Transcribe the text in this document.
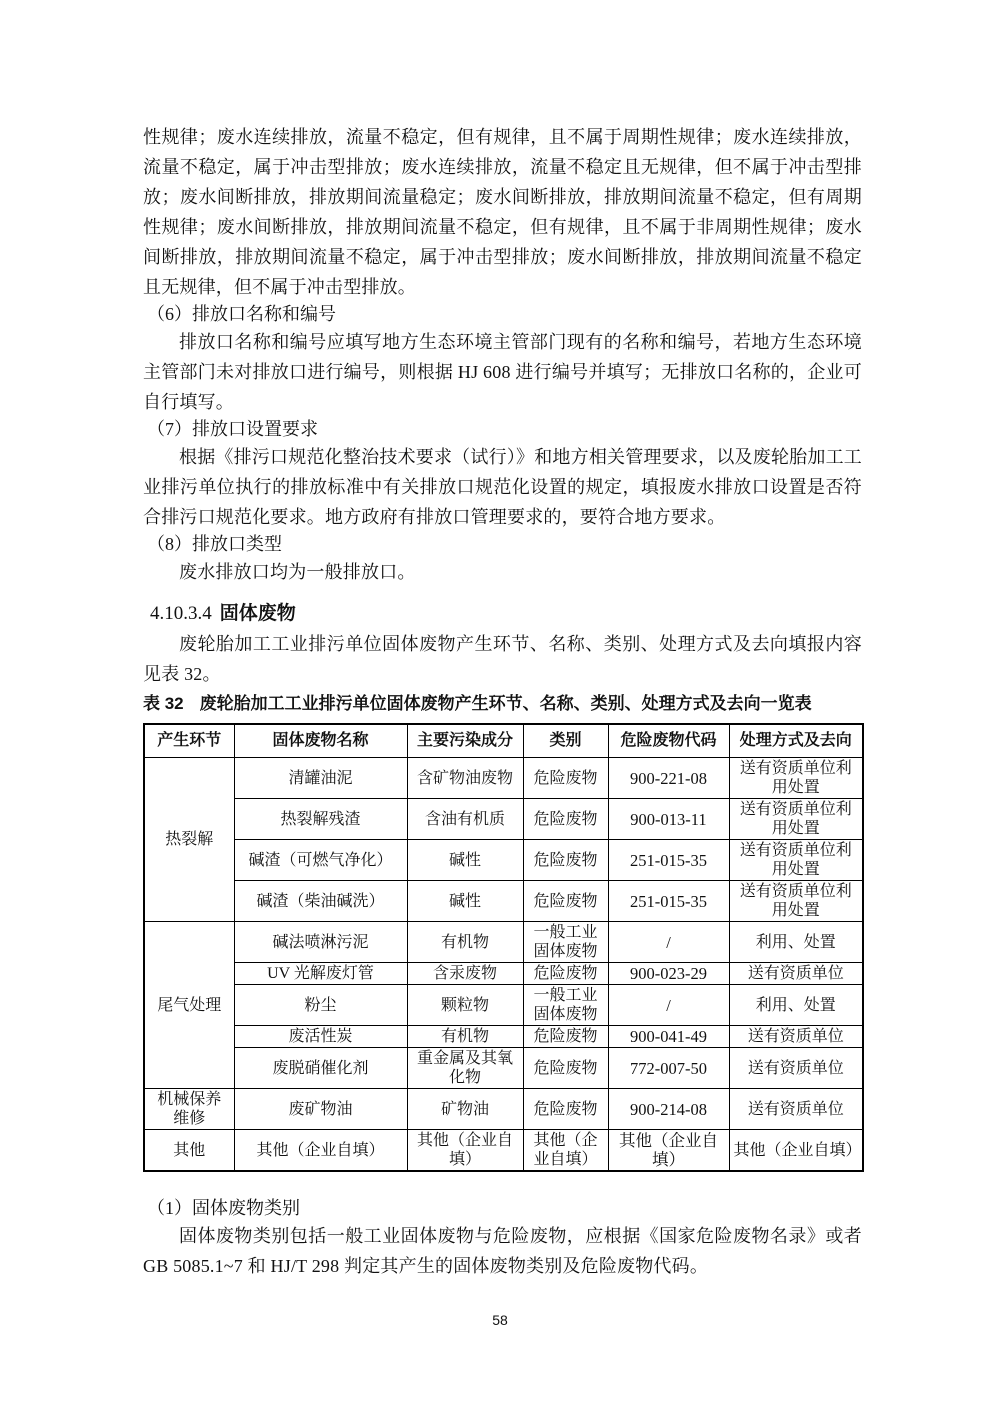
性规律；废水连续排放，流量不稳定，但有规律，且不属于周期性规律；废水连续排放，流量不稳定，属于冲击型排放；废水连续排放，流量不稳定且无规律，但不属于冲击型排放；废水间断排放，排放期间流量稳定；废水间断排放，排放期间流量不稳定，但有周期性规律；废水间断排放，排放期间流量不稳定，但有规律，且不属于非周期性规律；废水间断排放，排放期间流量不稳定，属于冲击型排放；废水间断排放，排放期间流量不稳定且无规律，但不属于冲击型排放。

（6）排放口名称和编号

排放口名称和编号应填写地方生态环境主管部门现有的名称和编号，若地方生态环境主管部门未对排放口进行编号，则根据 HJ 608 进行编号并填写；无排放口名称的，企业可自行填写。

（7）排放口设置要求

根据《排污口规范化整治技术要求（试行）》和地方相关管理要求，以及废轮胎加工工业排污单位执行的排放标准中有关排放口规范化设置的规定，填报废水排放口设置是否符合排污口规范化要求。地方政府有排放口管理要求的，要符合地方要求。

（8）排放口类型

废水排放口均为一般排放口。

4.10.3.4 固体废物

废轮胎加工工业排污单位固体废物产生环节、名称、类别、处理方式及去向填报内容见表 32。

表 32 废轮胎加工工业排污单位固体废物产生环节、名称、类别、处理方式及去向一览表

产生环节	固体废物名称	主要污染成分	类别	危险废物代码	处理方式及去向
热裂解	清罐油泥	含矿物油废物	危险废物	900-221-08	送有资质单位利用处置
	热裂解残渣	含油有机质	危险废物	900-013-11	送有资质单位利用处置
	碱渣（可燃气净化）	碱性	危险废物	251-015-35	送有资质单位利用处置
	碱渣（柴油碱洗）	碱性	危险废物	251-015-35	送有资质单位利用处置
尾气处理	碱法喷淋污泥	有机物	一般工业固体废物	/	利用、处置
	UV 光解废灯管	含汞废物	危险废物	900-023-29	送有资质单位
	粉尘	颗粒物	一般工业固体废物	/	利用、处置
	废活性炭	有机物	危险废物	900-041-49	送有资质单位
	废脱硝催化剂	重金属及其氧化物	危险废物	772-007-50	送有资质单位
机械保养维修	废矿物油	矿物油	危险废物	900-214-08	送有资质单位
其他	其他（企业自填）	其他（企业自填）	其他（企业自填）	其他（企业自填）	其他（企业自填）

（1）固体废物类别

固体废物类别包括一般工业固体废物与危险废物，应根据《国家危险废物名录》或者 GB 5085.1~7 和 HJ/T 298 判定其产生的固体废物类别及危险废物代码。

58
